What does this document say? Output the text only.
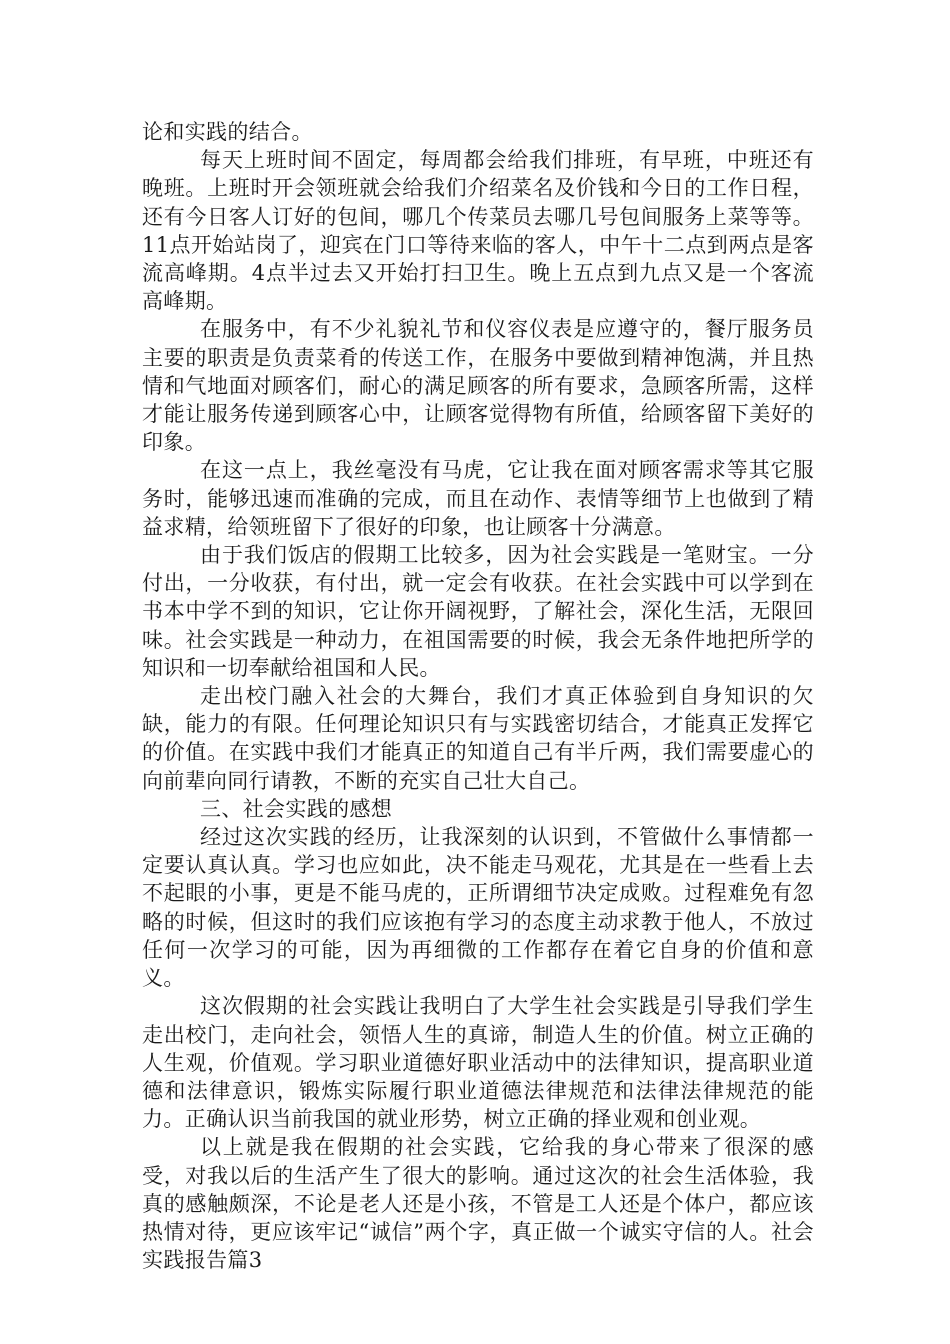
论和实践的结合。

每天上班时间不固定，每周都会给我们排班，有早班，中班还有晚班。上班时开会领班就会给我们介绍菜名及价钱和今日的工作日程，还有今日客人订好的包间，哪几个传菜员去哪几号包间服务上菜等等。11点开始站岗了，迎宾在门口等待来临的客人，中午十二点到两点是客流高峰期。4点半过去又开始打扫卫生。晚上五点到九点又是一个客流高峰期。

在服务中，有不少礼貌礼节和仪容仪表是应遵守的，餐厅服务员主要的职责是负责菜肴的传送工作，在服务中要做到精神饱满，并且热情和气地面对顾客们，耐心的满足顾客的所有要求，急顾客所需，这样才能让服务传递到顾客心中，让顾客觉得物有所值，给顾客留下美好的印象。

在这一点上，我丝毫没有马虎，它让我在面对顾客需求等其它服务时，能够迅速而准确的完成，而且在动作、表情等细节上也做到了精益求精，给领班留下了很好的印象，也让顾客十分满意。

由于我们饭店的假期工比较多，因为社会实践是一笔财宝。一分付出，一分收获，有付出，就一定会有收获。在社会实践中可以学到在书本中学不到的知识，它让你开阔视野，了解社会，深化生活，无限回味。社会实践是一种动力，在祖国需要的时候，我会无条件地把所学的知识和一切奉献给祖国和人民。

走出校门融入社会的大舞台，我们才真正体验到自身知识的欠缺，能力的有限。任何理论知识只有与实践密切结合，才能真正发挥它的价值。在实践中我们才能真正的知道自己有半斤两，我们需要虚心的向前辈向同行请教，不断的充实自己壮大自己。

三、社会实践的感想

经过这次实践的经历，让我深刻的认识到，不管做什么事情都一定要认真认真。学习也应如此，决不能走马观花，尤其是在一些看上去不起眼的小事，更是不能马虎的，正所谓细节决定成败。过程难免有忽略的时候，但这时的我们应该抱有学习的态度主动求教于他人，不放过任何一次学习的可能，因为再细微的工作都存在着它自身的价值和意义。

这次假期的社会实践让我明白了大学生社会实践是引导我们学生走出校门，走向社会，领悟人生的真谛，制造人生的价值。树立正确的人生观，价值观。学习职业道德好职业活动中的法律知识，提高职业道德和法律意识，锻炼实际履行职业道德法律规范和法律法律规范的能力。正确认识当前我国的就业形势，树立正确的择业观和创业观。

以上就是我在假期的社会实践，它给我的身心带来了很深的感受，对我以后的生活产生了很大的影响。通过这次的社会生活体验，我真的感触颇深，不论是老人还是小孩，不管是工人还是个体户，都应该热情对待，更应该牢记“诚信”两个字，真正做一个诚实守信的人。社会实践报告篇3
